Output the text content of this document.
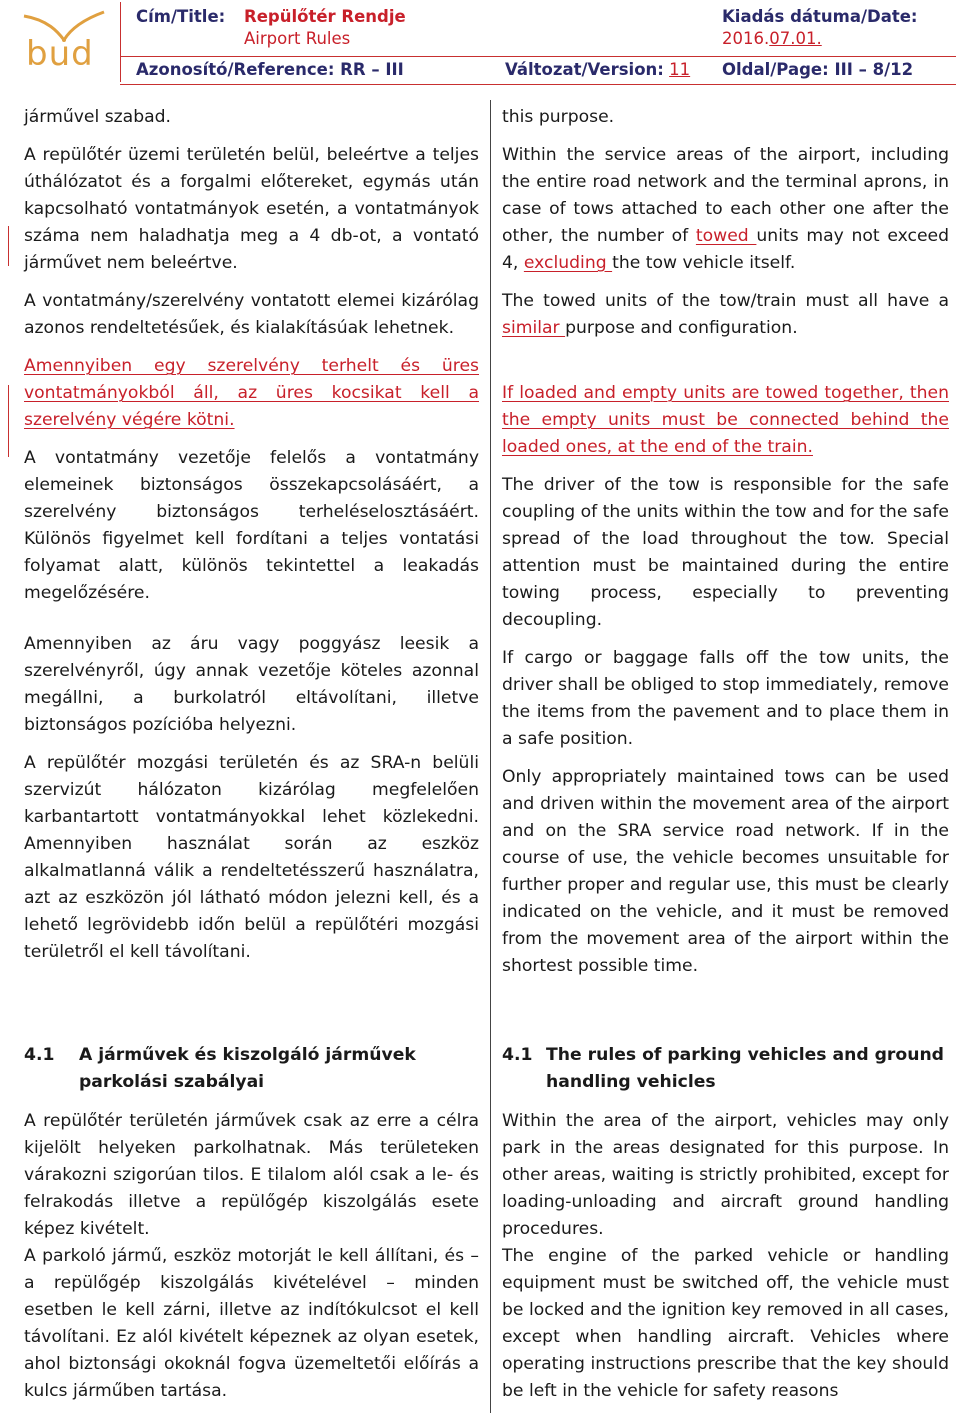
bud
Cím/Title: Repülőtér Rendje
Airport Rules
Kiadás dátuma/Date:
2016.07.01.
Azonosító/Reference: RR – III	Változat/Version: 11 Oldal/Page: III – 8/12

járművel szabad.

A repülőtér üzemi területén belül, beleértve a teljes úthálózatot és a forgalmi előtereket, egymás után kapcsolható vontatmányok esetén, a vontatmányok száma nem haladhatja meg a 4 db-ot, a vontató járművet nem beleértve.

A vontatmány/szerelvény vontatott elemei kizárólag azonos rendeltetésűek, és kialakításúak lehetnek.

Amennyiben egy szerelvény terhelt és üres vontatmányokból áll, az üres kocsikat kell a szerelvény végére kötni.

A vontatmány vezetője felelős a vontatmány elemeinek biztonságos összekapcsolásáért, a szerelvény biztonságos terheléselosztásáért. Különös figyelmet kell fordítani a teljes vontatási folyamat alatt, különös tekintettel a leakadás megelőzésére.

Amennyiben az áru vagy poggyász leesik a szerelvényről, úgy annak vezetője köteles azonnal megállni, a burkolatról eltávolítani, illetve biztonságos pozícióba helyezni.

A repülőtér mozgási területén és az SRA-n belüli szervizút hálózaton kizárólag megfelelően karbantartott vontatmányokkal lehet közlekedni. Amennyiben használat során az eszköz alkalmatlanná válik a rendeltetésszerű használatra, azt az eszközön jól látható módon jelezni kell, és a lehető legrövidebb időn belül a repülőtéri mozgási területről el kell távolítani.

this purpose.

Within the service areas of the airport, including the entire road network and the terminal aprons, in case of tows attached to each other one after the other, the number of towed units may not exceed 4, excluding the tow vehicle itself.

The towed units of the tow/train must all have a similar purpose and configuration.

If loaded and empty units are towed together, then the empty units must be connected behind the loaded ones, at the end of the train.

The driver of the tow is responsible for the safe coupling of the units within the tow and for the safe spread of the load throughout the tow. Special attention must be maintained during the entire towing process, especially to preventing decoupling.

If cargo or baggage falls off the tow units, the driver shall be obliged to stop immediately, remove the items from the pavement and to place them in a safe position.

Only appropriately maintained tows can be used and driven within the movement area of the airport and on the SRA service road network. If in the course of use, the vehicle becomes unsuitable for further proper and regular use, this must be clearly indicated on the vehicle, and it must be removed from the movement area of the airport within the shortest possible time.

4.1	A járművek és kiszolgáló járművek parkolási szabályai

A repülőtér területén járművek csak az erre a célra kijelölt helyeken parkolhatnak. Más területeken várakozni szigorúan tilos. E tilalom alól csak a le- és felrakodás illetve a repülőgép kiszolgálás esete képez kivételt.

A parkoló jármű, eszköz motorját le kell állítani, és – a repülőgép kiszolgálás kivételével – minden esetben le kell zárni, illetve az indítókulcsot el kell távolítani. Ez alól kivételt képeznek az olyan esetek, ahol biztonsági okoknál fogva üzemeltetői előírás a kulcs járműben tartása.

4.1 The rules of parking vehicles and ground handling vehicles

Within the area of the airport, vehicles may only park in the areas designated for this purpose. In other areas, waiting is strictly prohibited, except for loading-unloading and aircraft ground handling procedures.

The engine of the parked vehicle or handling equipment must be switched off, the vehicle must be locked and the ignition key removed in all cases, except when handling aircraft. Vehicles where operating instructions prescribe that the key should be left in the vehicle for safety reasons
